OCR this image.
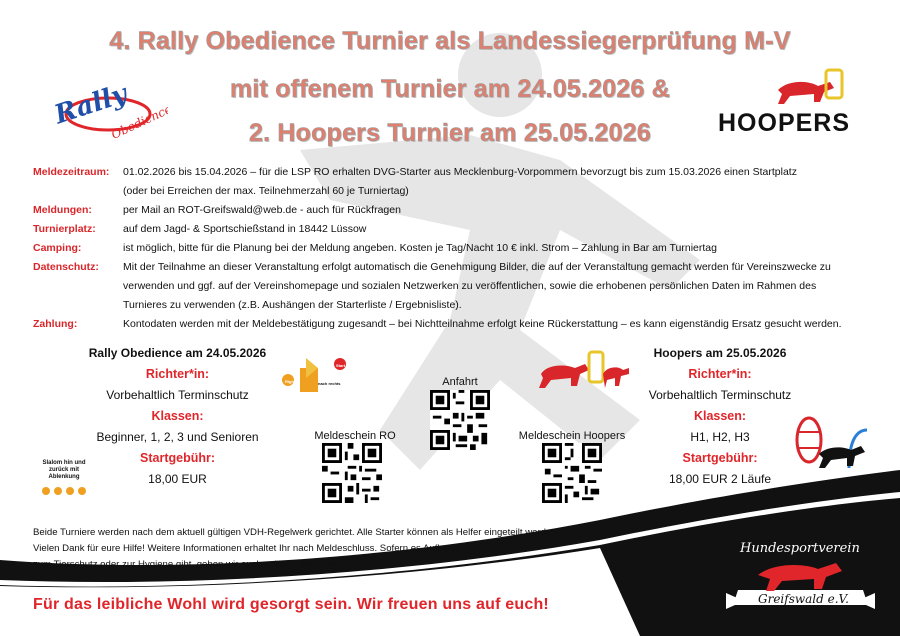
4. Rally Obedience Turnier als Landessiegerprüfung M-V
mit offenem Turnier am 24.05.2026 &
2. Hoopers Turnier am 25.05.2026
Rally
Obedience	HOOPERS
Meldezeitraum:	01.02.2026 bis 15.04.2026 – für die LSP RO erhalten DVG-Starter aus Mecklenburg-Vorpommern bevorzugt bis zum 15.03.2026 einen Startplatz
(oder bei Erreichen der max. Teilnehmerzahl 60 je Turniertag)
Meldungen:	per Mail an ROT-Greifswald@web.de - auch für Rückfragen
Turnierplatz:	auf dem Jagd- & Sportschießstand in 18442 Lüssow
Camping:	ist möglich, bitte für die Planung bei der Meldung angeben. Kosten je Tag/Nacht 10 € inkl. Strom – Zahlung in Bar am Turniertag
Datenschutz:	Mit der Teilnahme an dieser Veranstaltung erfolgt automatisch die Genehmigung Bilder, die auf der Veranstaltung gemacht werden für Vereinszwecke zu
verwenden und ggf. auf der Vereinshomepage und sozialen Netzwerken zu veröffentlichen, sowie die erhobenen persönlichen Daten im Rahmen des
Turnieres zu verwenden (z.B. Aushängen der Starterliste / Ergebnisliste).
Zahlung:	Kontodaten werden mit der Meldebestätigung zugesandt – bei Nichtteilnahme erfolgt keine Rückerstattung – es kann eigenständig Ersatz gesucht werden.
Rally Obedience am 24.05.2026
Richter*in:
Vorbehaltlich Terminschutz
Klassen:
Beginner, 1, 2, 3 und Senioren
Startgebühr:
18,00 EUR
Right	nach rechts
Start
Slalom hin und zurück mit Ablenkung
Anfahrt
Meldeschein RO	Meldeschein Hoopers
Hoopers am 25.05.2026
Richter*in:
Vorbehaltlich Terminschutz
Klassen:
H1, H2, H3
Startgebühr:
18,00 EUR 2 Läufe
Beide Turniere werden nach dem aktuell gültigen VDH-Regelwerk gerichtet. Alle Starter können als Helfer eingeteilt werden.
Vielen Dank für eure Hilfe! Weitere Informationen erhaltet Ihr nach Meldeschluss. Sofern es Auflagen
zum Tierschutz oder zur Hygiene gibt, geben wir euch zeitnah Bescheid.
Für das leibliche Wohl wird gesorgt sein. Wir freuen uns auf euch!
Hundesportverein
Greifswald e.V.
